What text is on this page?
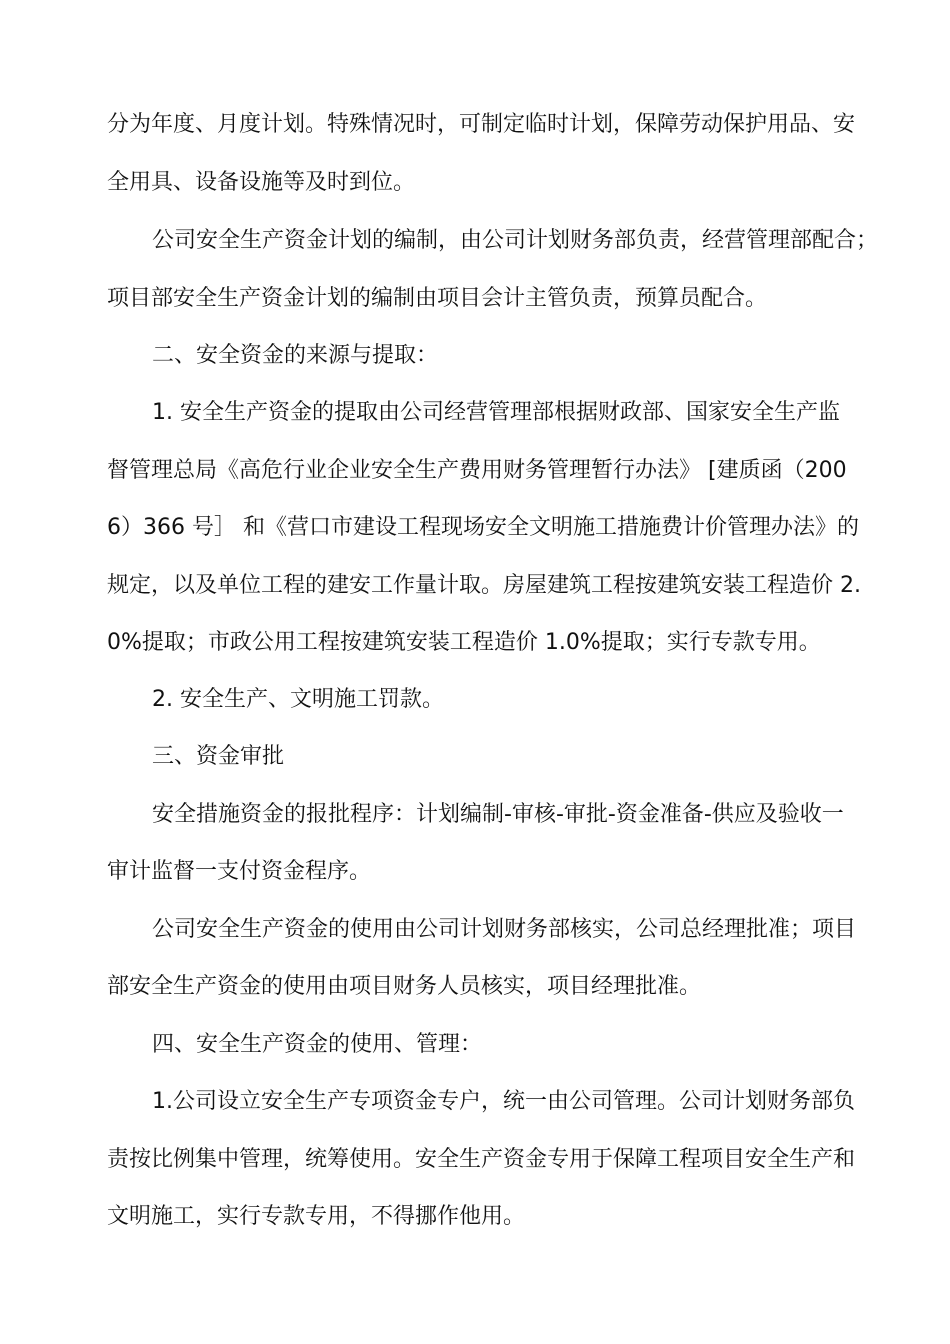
分为年度、月度计划。特殊情况时，可制定临时计划，保障劳动保护用品、安

全用具、设备设施等及时到位。

公司安全生产资金计划的编制，由公司计划财务部负责，经营管理部配合；

项目部安全生产资金计划的编制由项目会计主管负责，预算员配合。

二、安全资金的来源与提取：

1. 安全生产资金的提取由公司经营管理部根据财政部、国家安全生产监

督管理总局《高危行业企业安全生产费用财务管理暂行办法》 [建质函（200

6）366 号］ 和《营口市建设工程现场安全文明施工措施费计价管理办法》的

规定，以及单位工程的建安工作量计取。房屋建筑工程按建筑安装工程造价 2.

0%提取；市政公用工程按建筑安装工程造价 1.0%提取；实行专款专用。

2. 安全生产、文明施工罚款。

三、资金审批

安全措施资金的报批程序：计划编制-审核-审批-资金准备-供应及验收一

审计监督一支付资金程序。

公司安全生产资金的使用由公司计划财务部核实，公司总经理批准；项目

部安全生产资金的使用由项目财务人员核实，项目经理批准。

四、安全生产资金的使用、管理：

1.公司设立安全生产专项资金专户，统一由公司管理。公司计划财务部负

责按比例集中管理，统筹使用。安全生产资金专用于保障工程项目安全生产和

文明施工，实行专款专用，不得挪作他用。
